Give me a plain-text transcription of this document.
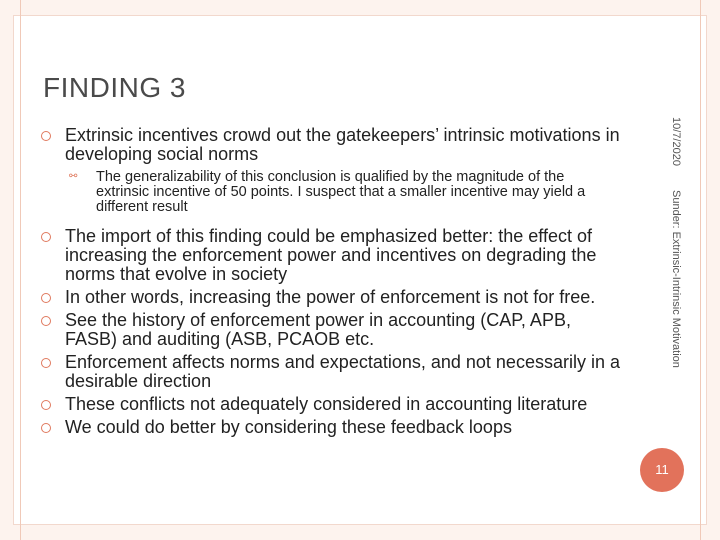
FINDING 3
Extrinsic incentives crowd out the gatekeepers’ intrinsic motivations in developing social norms
⚯	The generalizability of this conclusion is qualified by the magnitude of the extrinsic incentive of 50 points. I suspect that a smaller incentive may yield a different result
The import of this finding could be emphasized better: the effect of increasing the enforcement power and incentives on degrading the norms that evolve in society
In other words, increasing the power of enforcement is not for free.
See the history of enforcement power in accounting (CAP, APB, FASB) and auditing (ASB, PCAOB etc.
Enforcement affects norms and expectations, and not necessarily in a desirable direction
These conflicts not adequately considered in accounting literature
We could do better by considering these feedback loops
10/7/2020
Sunder: Extrinsic-Intrinsic Motivation
11
